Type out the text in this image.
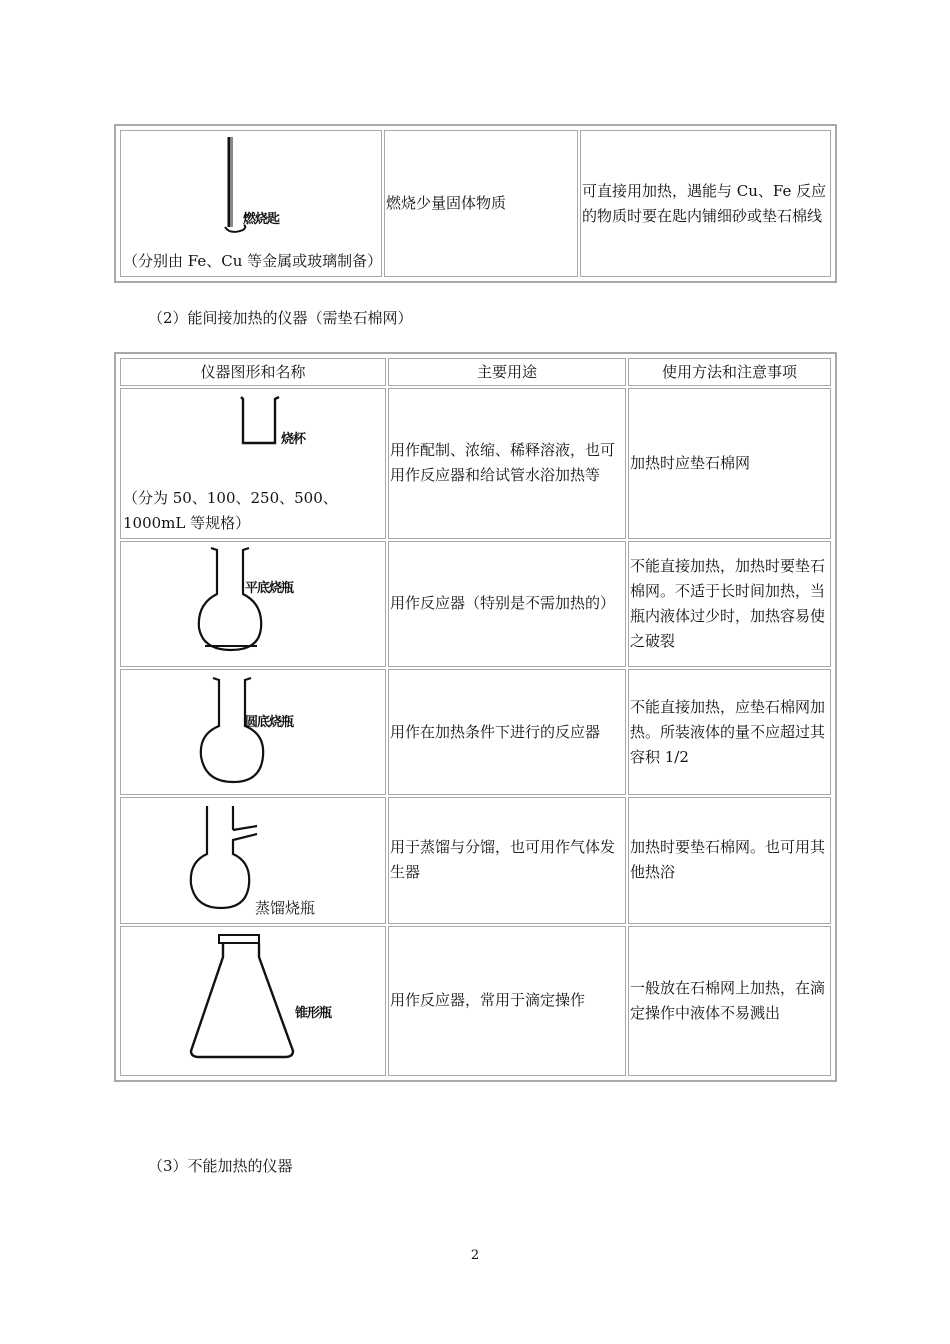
燃烧匙
（分别由 Fe、Cu 等金属或玻璃制备）
	燃烧少量固体物质	可直接用加热，遇能与 Cu、Fe 反应的物质时要在匙内铺细砂或垫石棉线
（2）能间接加热的仪器（需垫石棉网）
仪器图形和名称	主要用途	使用方法和注意事项

烧杯
（分为 50、100、250、500、1000mL 等规格）	用作配制、浓缩、稀释溶液，也可用作反应器和给试管水浴加热等	加热时应垫石棉网

平底烧瓶	用作反应器（特别是不需加热的）	不能直接加热，加热时要垫石棉网。不适于长时间加热，当瓶内液体过少时，加热容易使之破裂

圆底烧瓶	用作在加热条件下进行的反应器	不能直接加热，应垫石棉网加热。所装液体的量不应超过其容积 1/2

蒸馏烧瓶	用于蒸馏与分馏，也可用作气体发生器	加热时要垫石棉网。也可用其他热浴

锥形瓶	用作反应器，常用于滴定操作	一般放在石棉网上加热，在滴定操作中液体不易溅出
（3）不能加热的仪器
2
